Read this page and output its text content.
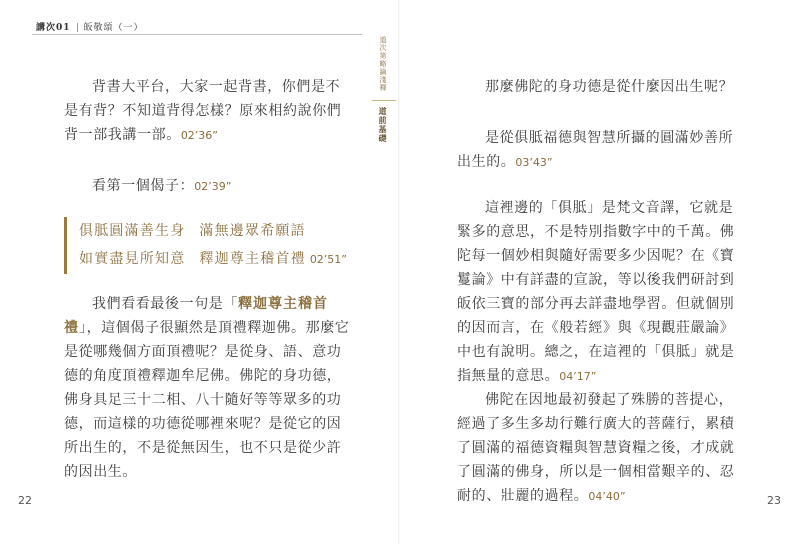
講次01 皈敬頌（一）

背書大平台，大家一起背書，你們是不是有背？不知道背得怎樣？原來相約說你們背一部我講一部。02’36”

看第一個偈子：02’39”

俱胝圓滿善生身 滿無邊眾希願語
如實盡見所知意 釋迦尊主稽首禮 02’51”

我們看看最後一句是「釋迦尊主稽首禮」，這個偈子很顯然是頂禮釋迦佛。那麼它是從哪幾個方面頂禮呢？是從身、語、意功德的角度頂禮釋迦牟尼佛。佛陀的身功德，佛身具足三十二相、八十隨好等等眾多的功德，而這樣的功德從哪裡來呢？是從它的因所出生的，不是從無因生，也不只是從少許的因出生。

22

那麼佛陀的身功德是從什麼因出生呢？

是從俱胝福德與智慧所攝的圓滿妙善所出生的。03’43”

這裡邊的「俱胝」是梵文音譯，它就是緊多的意思，不是特別指數字中的千萬。佛陀每一個妙相與隨好需要多少因呢？在《寶鬘論》中有詳盡的宣說，等以後我們研討到皈依三寶的部分再去詳盡地學習。但就個別的因而言，在《般若經》與《現觀莊嚴論》中也有說明。總之，在這裡的「俱胝」就是指無量的意思。04’17”

佛陀在因地最初發起了殊勝的菩提心，經過了多生多劫行難行廣大的菩薩行，累積了圓滿的福德資糧與智慧資糧之後，才成就了圓滿的佛身，所以是一個相當艱辛的、忍耐的、壯麗的過程。04’40”	23
道次第略論淺釋
道前基礎
